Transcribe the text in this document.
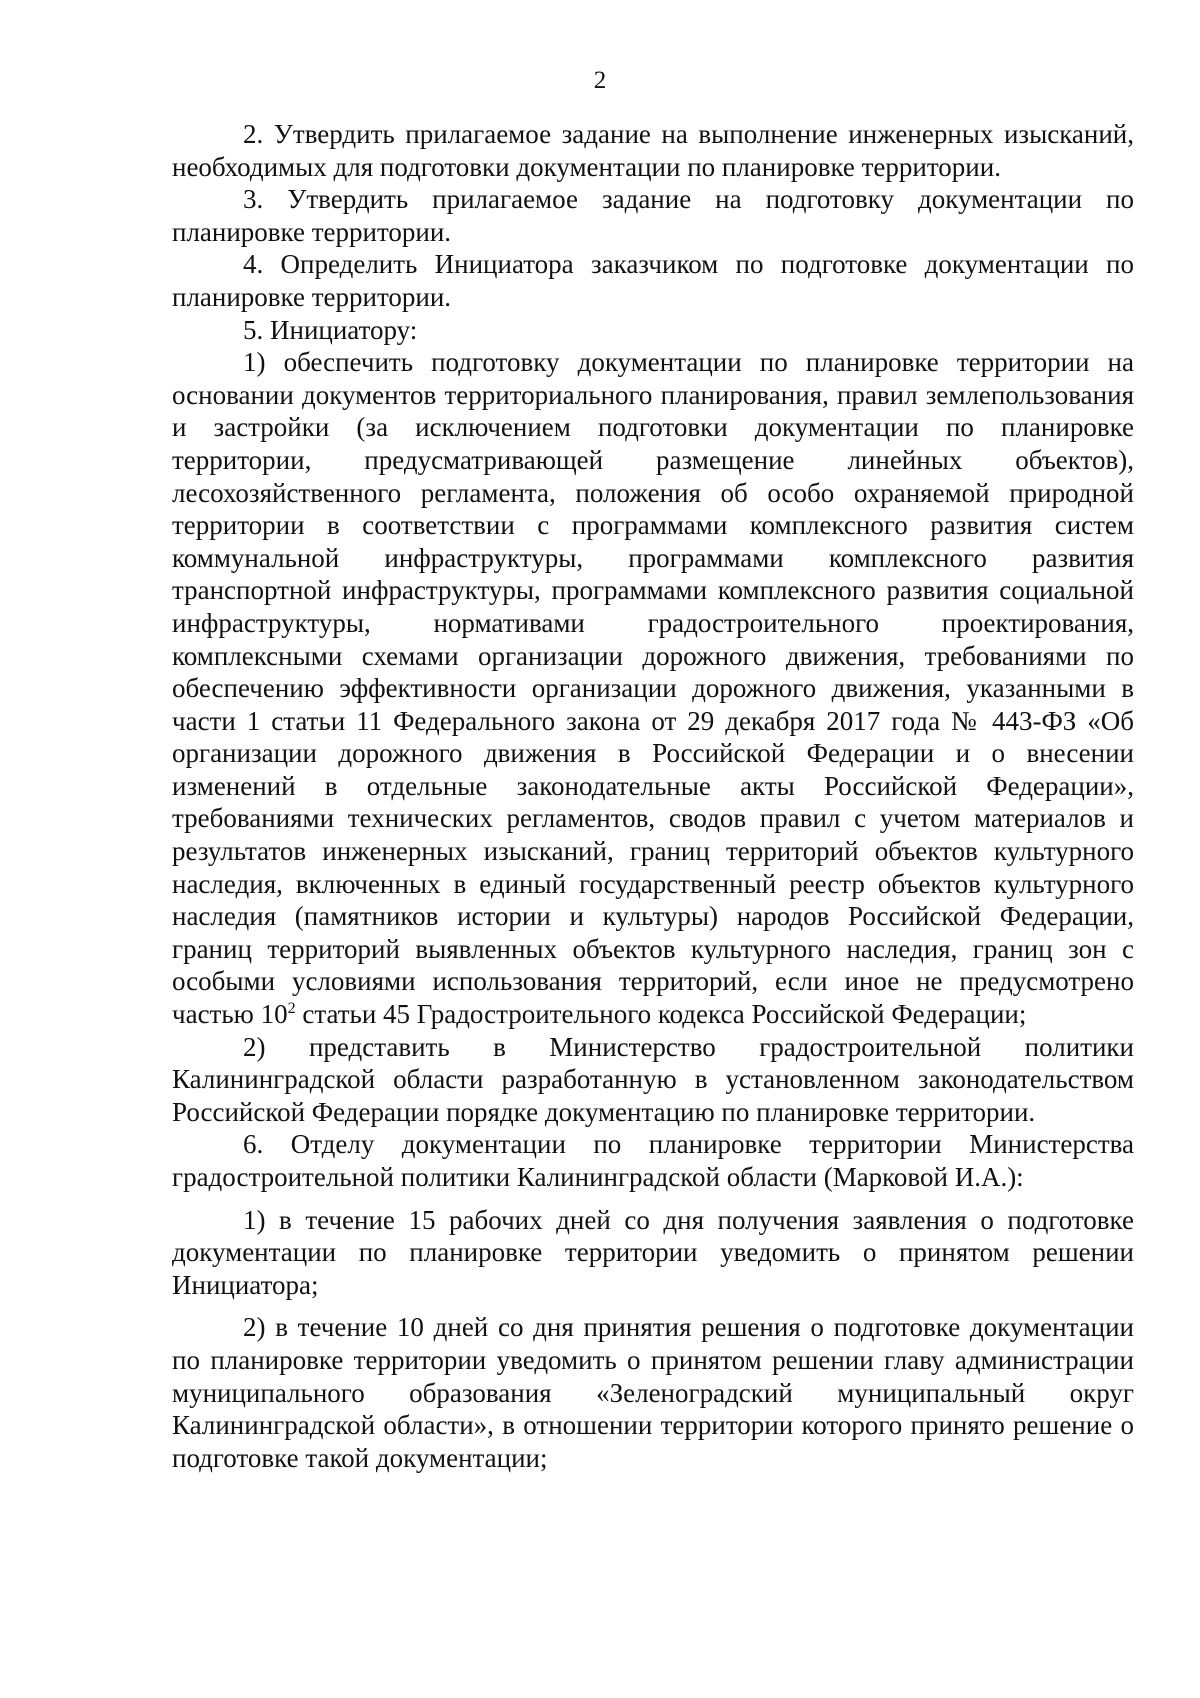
2

2. Утвердить прилагаемое задание на выполнение инженерных изысканий, необходимых для подготовки документации по планировке территории.

3. Утвердить прилагаемое задание на подготовку документации по планировке территории.

4. Определить Инициатора заказчиком по подготовке документации по планировке территории.

5. Инициатору:

1) обеспечить подготовку документации по планировке территории на основании документов территориального планирования, правил землепользования и застройки (за исключением подготовки документации по планировке территории, предусматривающей размещение линейных объектов), лесохозяйственного регламента, положения об особо охраняемой природной территории в соответствии с программами комплексного развития систем коммунальной инфраструктуры, программами комплексного развития транспортной инфраструктуры, программами комплексного развития социальной инфраструктуры, нормативами градостроительного проектирования, комплексными схемами организации дорожного движения, требованиями по обеспечению эффективности организации дорожного движения, указанными в части 1 статьи 11 Федерального закона от 29 декабря 2017 года № 443-ФЗ «Об организации дорожного движения в Российской Федерации и о внесении изменений в отдельные законодательные акты Российской Федерации», требованиями технических регламентов, сводов правил с учетом материалов и результатов инженерных изысканий, границ территорий объектов культурного наследия, включенных в единый государственный реестр объектов культурного наследия (памятников истории и культуры) народов Российской Федерации, границ территорий выявленных объектов культурного наследия, границ зон с особыми условиями использования территорий, если иное не предусмотрено частью $10^2$ статьи 45 Градостроительного кодекса Российской Федерации;

2) представить в Министерство градостроительной политики Калининградской области разработанную в установленном законодательством Российской Федерации порядке документацию по планировке территории.

6. Отделу документации по планировке территории Министерства градостроительной политики Калининградской области (Марковой И.А.):

1) в течение 15 рабочих дней со дня получения заявления о подготовке документации по планировке территории уведомить о принятом решении Инициатора;

2) в течение 10 дней со дня принятия решения о подготовке документации по планировке территории уведомить о принятом решении главу администрации муниципального образования «Зеленоградский муниципальный округ Калининградской области», в отношении территории которого принято решение о подготовке такой документации;
